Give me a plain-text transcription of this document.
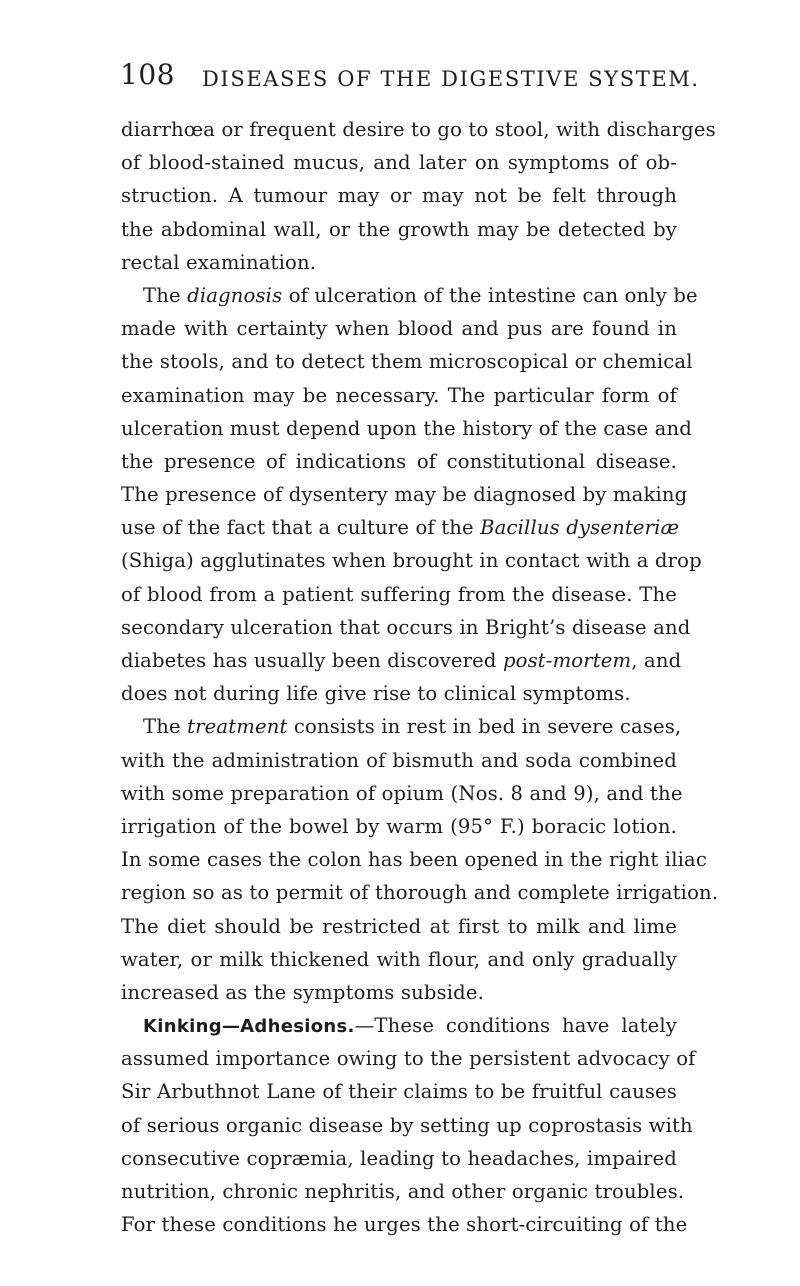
108 DISEASES OF THE DIGESTIVE SYSTEM.
diarrhœa or frequent desire to go to stool, with discharges
of blood-stained mucus, and later on symptoms of ob-
struction. A tumour may or may not be felt through
the abdominal wall, or the growth may be detected by
rectal examination.
The diagnosis of ulceration of the intestine can only be
made with certainty when blood and pus are found in
the stools, and to detect them microscopical or chemical
examination may be necessary. The particular form of
ulceration must depend upon the history of the case and
the presence of indications of constitutional disease.
The presence of dysentery may be diagnosed by making
use of the fact that a culture of the Bacillus dysenteriæ
(Shiga) agglutinates when brought in contact with a drop
of blood from a patient suffering from the disease. The
secondary ulceration that occurs in Bright’s disease and
diabetes has usually been discovered post-mortem, and
does not during life give rise to clinical symptoms.
The treatment consists in rest in bed in severe cases,
with the administration of bismuth and soda combined
with some preparation of opium (Nos. 8 and 9), and the
irrigation of the bowel by warm (95° F.) boracic lotion.
In some cases the colon has been opened in the right iliac
region so as to permit of thorough and complete irrigation.
The diet should be restricted at first to milk and lime
water, or milk thickened with flour, and only gradually
increased as the symptoms subside.
Kinking—Adhesions.—These conditions have lately
assumed importance owing to the persistent advocacy of
Sir Arbuthnot Lane of their claims to be fruitful causes
of serious organic disease by setting up coprostasis with
consecutive copræmia, leading to headaches, impaired
nutrition, chronic nephritis, and other organic troubles.
For these conditions he urges the short-circuiting of the
